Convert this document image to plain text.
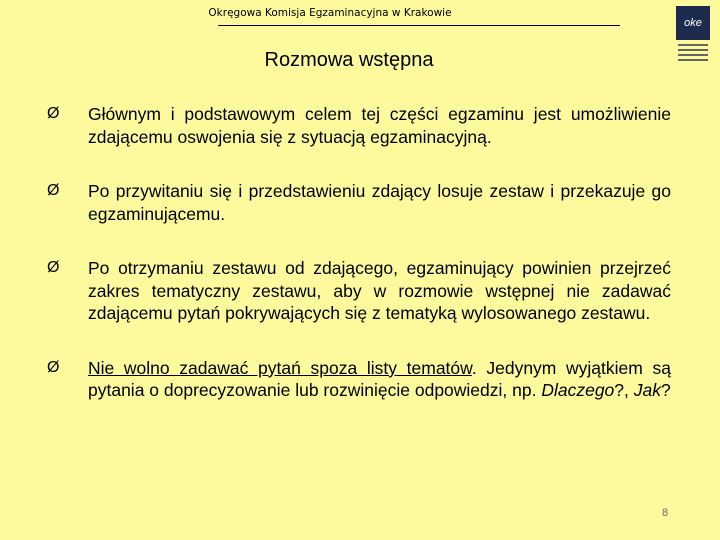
Okręgowa Komisja Egzaminacyjna w Krakowie
oke
Rozmowa wstępna
Ø Głównym i podstawowym celem tej części egzaminu jest umożliwienie zdającemu oswojenia się z sytuacją egzaminacyjną.
Ø Po przywitaniu się i przedstawieniu zdający losuje zestaw i przekazuje go egzaminującemu.
Ø Po otrzymaniu zestawu od zdającego, egzaminujący powinien przejrzeć zakres tematyczny zestawu, aby w rozmowie wstępnej nie zadawać zdającemu pytań pokrywających się z tematyką wylosowanego zestawu.
Ø Nie wolno zadawać pytań spoza listy tematów. Jedynym wyjątkiem są pytania o doprecyzowanie lub rozwinięcie odpowiedzi, np. Dlaczego?, Jak?
8
